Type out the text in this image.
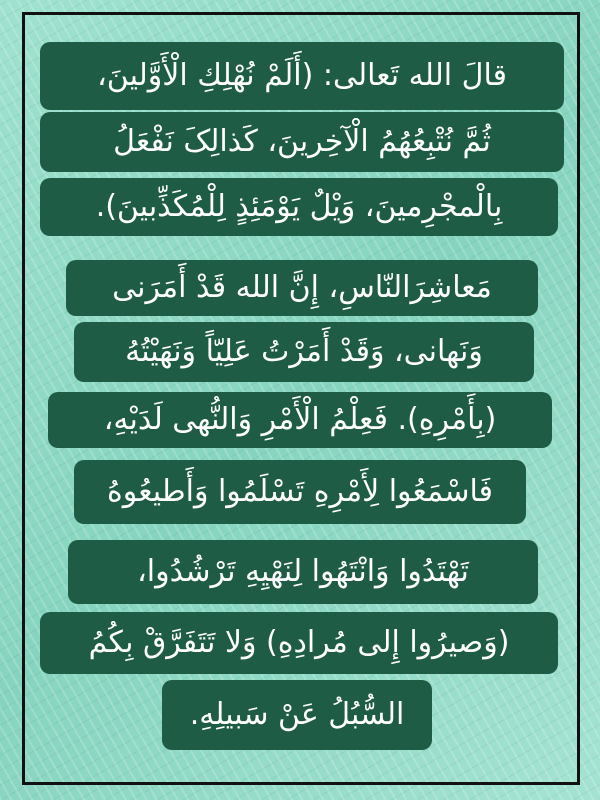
قالَ الله تَعالى: (أَلَمْ نُهْلِكِ الْأَوَّلينَ،
ثُمَّ نُتْبِعُهُمُ الْآخِرينَ، كَذالِکَ نَفْعَلُ
بِالْمجْرِمينَ، وَيْلٌ يَوْمَئِذٍ لِلْمُكَذِّبينَ).
مَعاشِرَالنّاسِ، إِنَّ الله قَدْ أَمَرَنی
وَنَهانی، وَقَدْ أَمَرْتُ عَلِيّاً وَنَهَيْتُهُ
(بِأَمْرِهِ). فَعِلْمُ الْأَمْرِ وَالنُّهی لَدَيْهِ،
فَاسْمَعُوا لِأَمْرِهِ تَسْلَمُوا وَأَطيعُوهُ
تَهْتَدُوا وَانْتَهُوا لِنَهْيِهِ تَرْشُدُوا،
(وَصيرُوا إِلی مُرادِهِ) وَلا تَتَفَرَّقْ بِكُمُ
السُّبُلُ عَنْ سَبيلِهِ.
